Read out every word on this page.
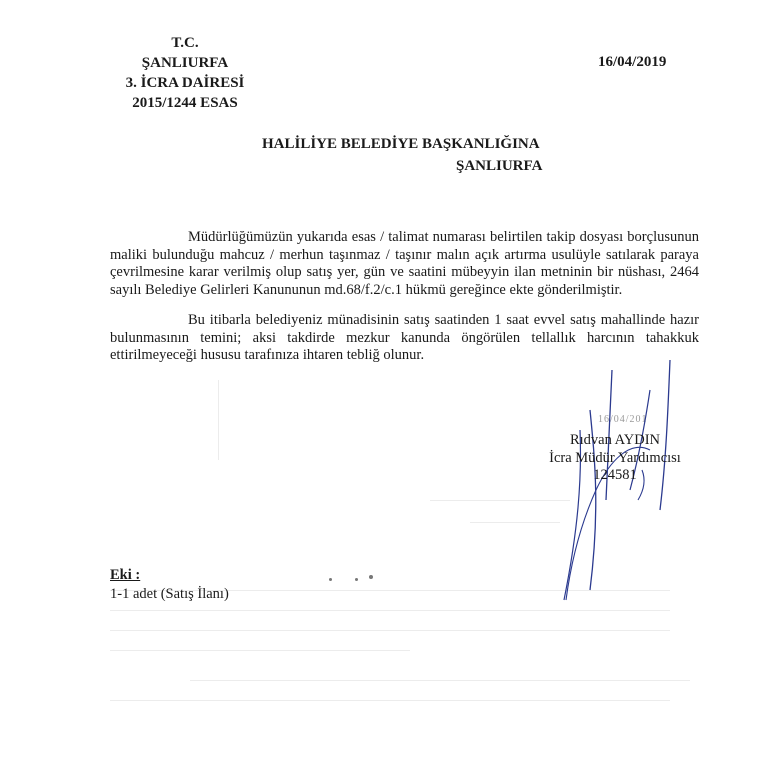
T.C.
ŞANLIURFA
3. İCRA DAİRESİ
2015/1244 ESAS
16/04/2019
HALİLİYE BELEDİYE BAŞKANLIĞINA
ŞANLIURFA
Müdürlüğümüzün yukarıda esas / talimat numarası belirtilen takip dosyası borçlusunun maliki bulunduğu mahcuz / merhun taşınmaz / taşınır malın açık artırma usulüyle satılarak paraya çevrilmesine karar verilmiş olup satış yer, gün ve saatini mübeyyin ilan metninin bir nüshası, 2464 sayılı Belediye Gelirleri Kanununun md.68/f.2/c.1 hükmü gereğince ekte gönderilmiştir.
Bu itibarla belediyeniz münadisinin satış saatinden 1 saat evvel satış mahallinde hazır bulunmasının temini; aksi takdirde mezkur kanunda öngörülen tellallık harcının tahakkuk ettirilmeyeceği hususu tarafınıza ihtaren tebliğ olunur.
16/04/201
Rıdvan AYDIN
İcra Müdür Yardımcısı
124581
Eki :
1-1 adet (Satış İlanı)
